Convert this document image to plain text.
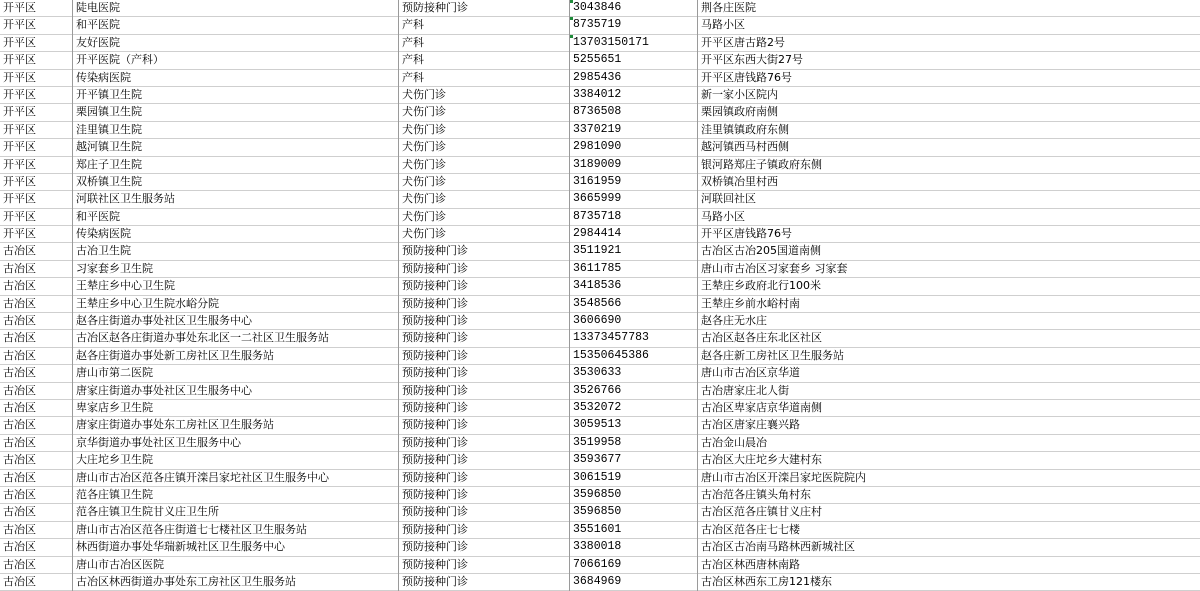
开平区	陡电医院	预防接种门诊	3043846	荆各庄医院
开平区	和平医院	产科	8735719	马路小区
开平区	友好医院	产科	13703150171	开平区唐古路2号
开平区	开平医院（产科）	产科	5255651	开平区东西大街27号
开平区	传染病医院	产科	2985436	开平区唐钱路76号
开平区	开平镇卫生院	犬伤门诊	3384012	新一家小区院内
开平区	栗园镇卫生院	犬伤门诊	8736508	栗园镇政府南侧
开平区	洼里镇卫生院	犬伤门诊	3370219	洼里镇镇政府东侧
开平区	越河镇卫生院	犬伤门诊	2981090	越河镇西马村西侧
开平区	郑庄子卫生院	犬伤门诊	3189009	银河路郑庄子镇政府东侧
开平区	双桥镇卫生院	犬伤门诊	3161959	双桥镇冶里村西
开平区	河联社区卫生服务站	犬伤门诊	3665999	河联回社区
开平区	和平医院	犬伤门诊	8735718	马路小区
开平区	传染病医院	犬伤门诊	2984414	开平区唐钱路76号
古冶区	古冶卫生院	预防接种门诊	3511921	古冶区古冶205国道南侧
古冶区	习家套乡卫生院	预防接种门诊	3611785	唐山市古冶区习家套乡 习家套
古冶区	王辇庄乡中心卫生院	预防接种门诊	3418536	王辇庄乡政府北行100米
古冶区	王辇庄乡中心卫生院水峪分院	预防接种门诊	3548566	王辇庄乡前水峪村南
古冶区	赵各庄街道办事处社区卫生服务中心	预防接种门诊	3606690	赵各庄无水庄
古冶区	古冶区赵各庄街道办事处东北区一二社区卫生服务站	预防接种门诊	13373457783	古冶区赵各庄东北区社区
古冶区	赵各庄街道办事处新工房社区卫生服务站	预防接种门诊	15350645386	赵各庄新工房社区卫生服务站
古冶区	唐山市第二医院	预防接种门诊	3530633	唐山市古冶区京华道
古冶区	唐家庄街道办事处社区卫生服务中心	预防接种门诊	3526766	古冶唐家庄北人街
古冶区	卑家店乡卫生院	预防接种门诊	3532072	古冶区卑家店京华道南侧
古冶区	唐家庄街道办事处东工房社区卫生服务站	预防接种门诊	3059513	古冶区唐家庄襄兴路
古冶区	京华街道办事处社区卫生服务中心	预防接种门诊	3519958	古冶金山晨冶
古冶区	大庄坨乡卫生院	预防接种门诊	3593677	古冶区大庄坨乡大建村东
古冶区	唐山市古冶区范各庄镇开滦吕家坨社区卫生服务中心	预防接种门诊	3061519	唐山市古冶区开滦吕家坨医院院内
古冶区	范各庄镇卫生院	预防接种门诊	3596850	古冶范各庄镇头角村东
古冶区	范各庄镇卫生院甘义庄卫生所	预防接种门诊	3596850	古冶区范各庄镇甘义庄村
古冶区	唐山市古冶区范各庄街道七七楼社区卫生服务站	预防接种门诊	3551601	古冶区范各庄七七楼
古冶区	林西街道办事处华瑞新城社区卫生服务中心	预防接种门诊	3380018	古冶区古冶南马路林西新城社区
古冶区	唐山市古冶区医院	预防接种门诊	7066169	古冶区林西唐林南路
古冶区	古冶区林西街道办事处东工房社区卫生服务站	预防接种门诊	3684969	古冶区林西东工房121楼东
